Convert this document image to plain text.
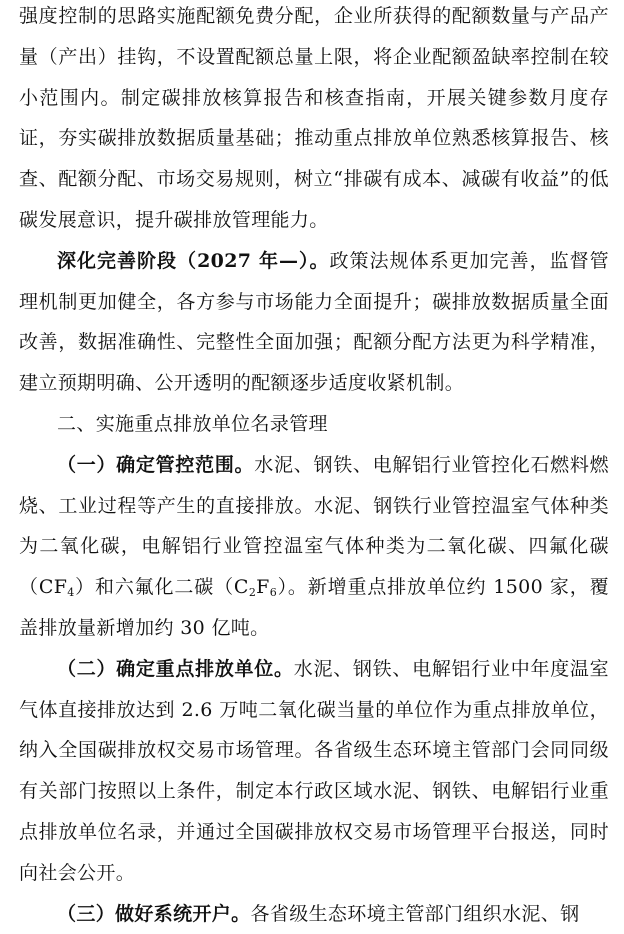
强度控制的思路实施配额免费分配，企业所获得的配额数量与产品产量（产出）挂钩，不设置配额总量上限，将企业配额盈缺率控制在较小范围内。制定碳排放核算报告和核查指南，开展关键参数月度存证，夯实碳排放数据质量基础；推动重点排放单位熟悉核算报告、核查、配额分配、市场交易规则，树立“排碳有成本、减碳有收益”的低碳发展意识，提升碳排放管理能力。

深化完善阶段（2027 年—）。政策法规体系更加完善，监督管理机制更加健全，各方参与市场能力全面提升；碳排放数据质量全面改善，数据准确性、完整性全面加强；配额分配方法更为科学精准，建立预期明确、公开透明的配额逐步适度收紧机制。

二、实施重点排放单位名录管理

（一）确定管控范围。水泥、钢铁、电解铝行业管控化石燃料燃烧、工业过程等产生的直接排放。水泥、钢铁行业管控温室气体种类为二氧化碳，电解铝行业管控温室气体种类为二氧化碳、四氟化碳$(CF_4)$和六氟化二碳$(C_2F_6)$。新增重点排放单位约 1500 家，覆盖排放量新增加约 30 亿吨。

（二）确定重点排放单位。水泥、钢铁、电解铝行业中年度温室气体直接排放达到 2.6 万吨二氧化碳当量的单位作为重点排放单位，纳入全国碳排放权交易市场管理。各省级生态环境主管部门会同同级有关部门按照以上条件，制定本行政区域水泥、钢铁、电解铝行业重点排放单位名录，并通过全国碳排放权交易市场管理平台报送，同时向社会公开。

（三）做好系统开户。各省级生态环境主管部门组织水泥、钢
